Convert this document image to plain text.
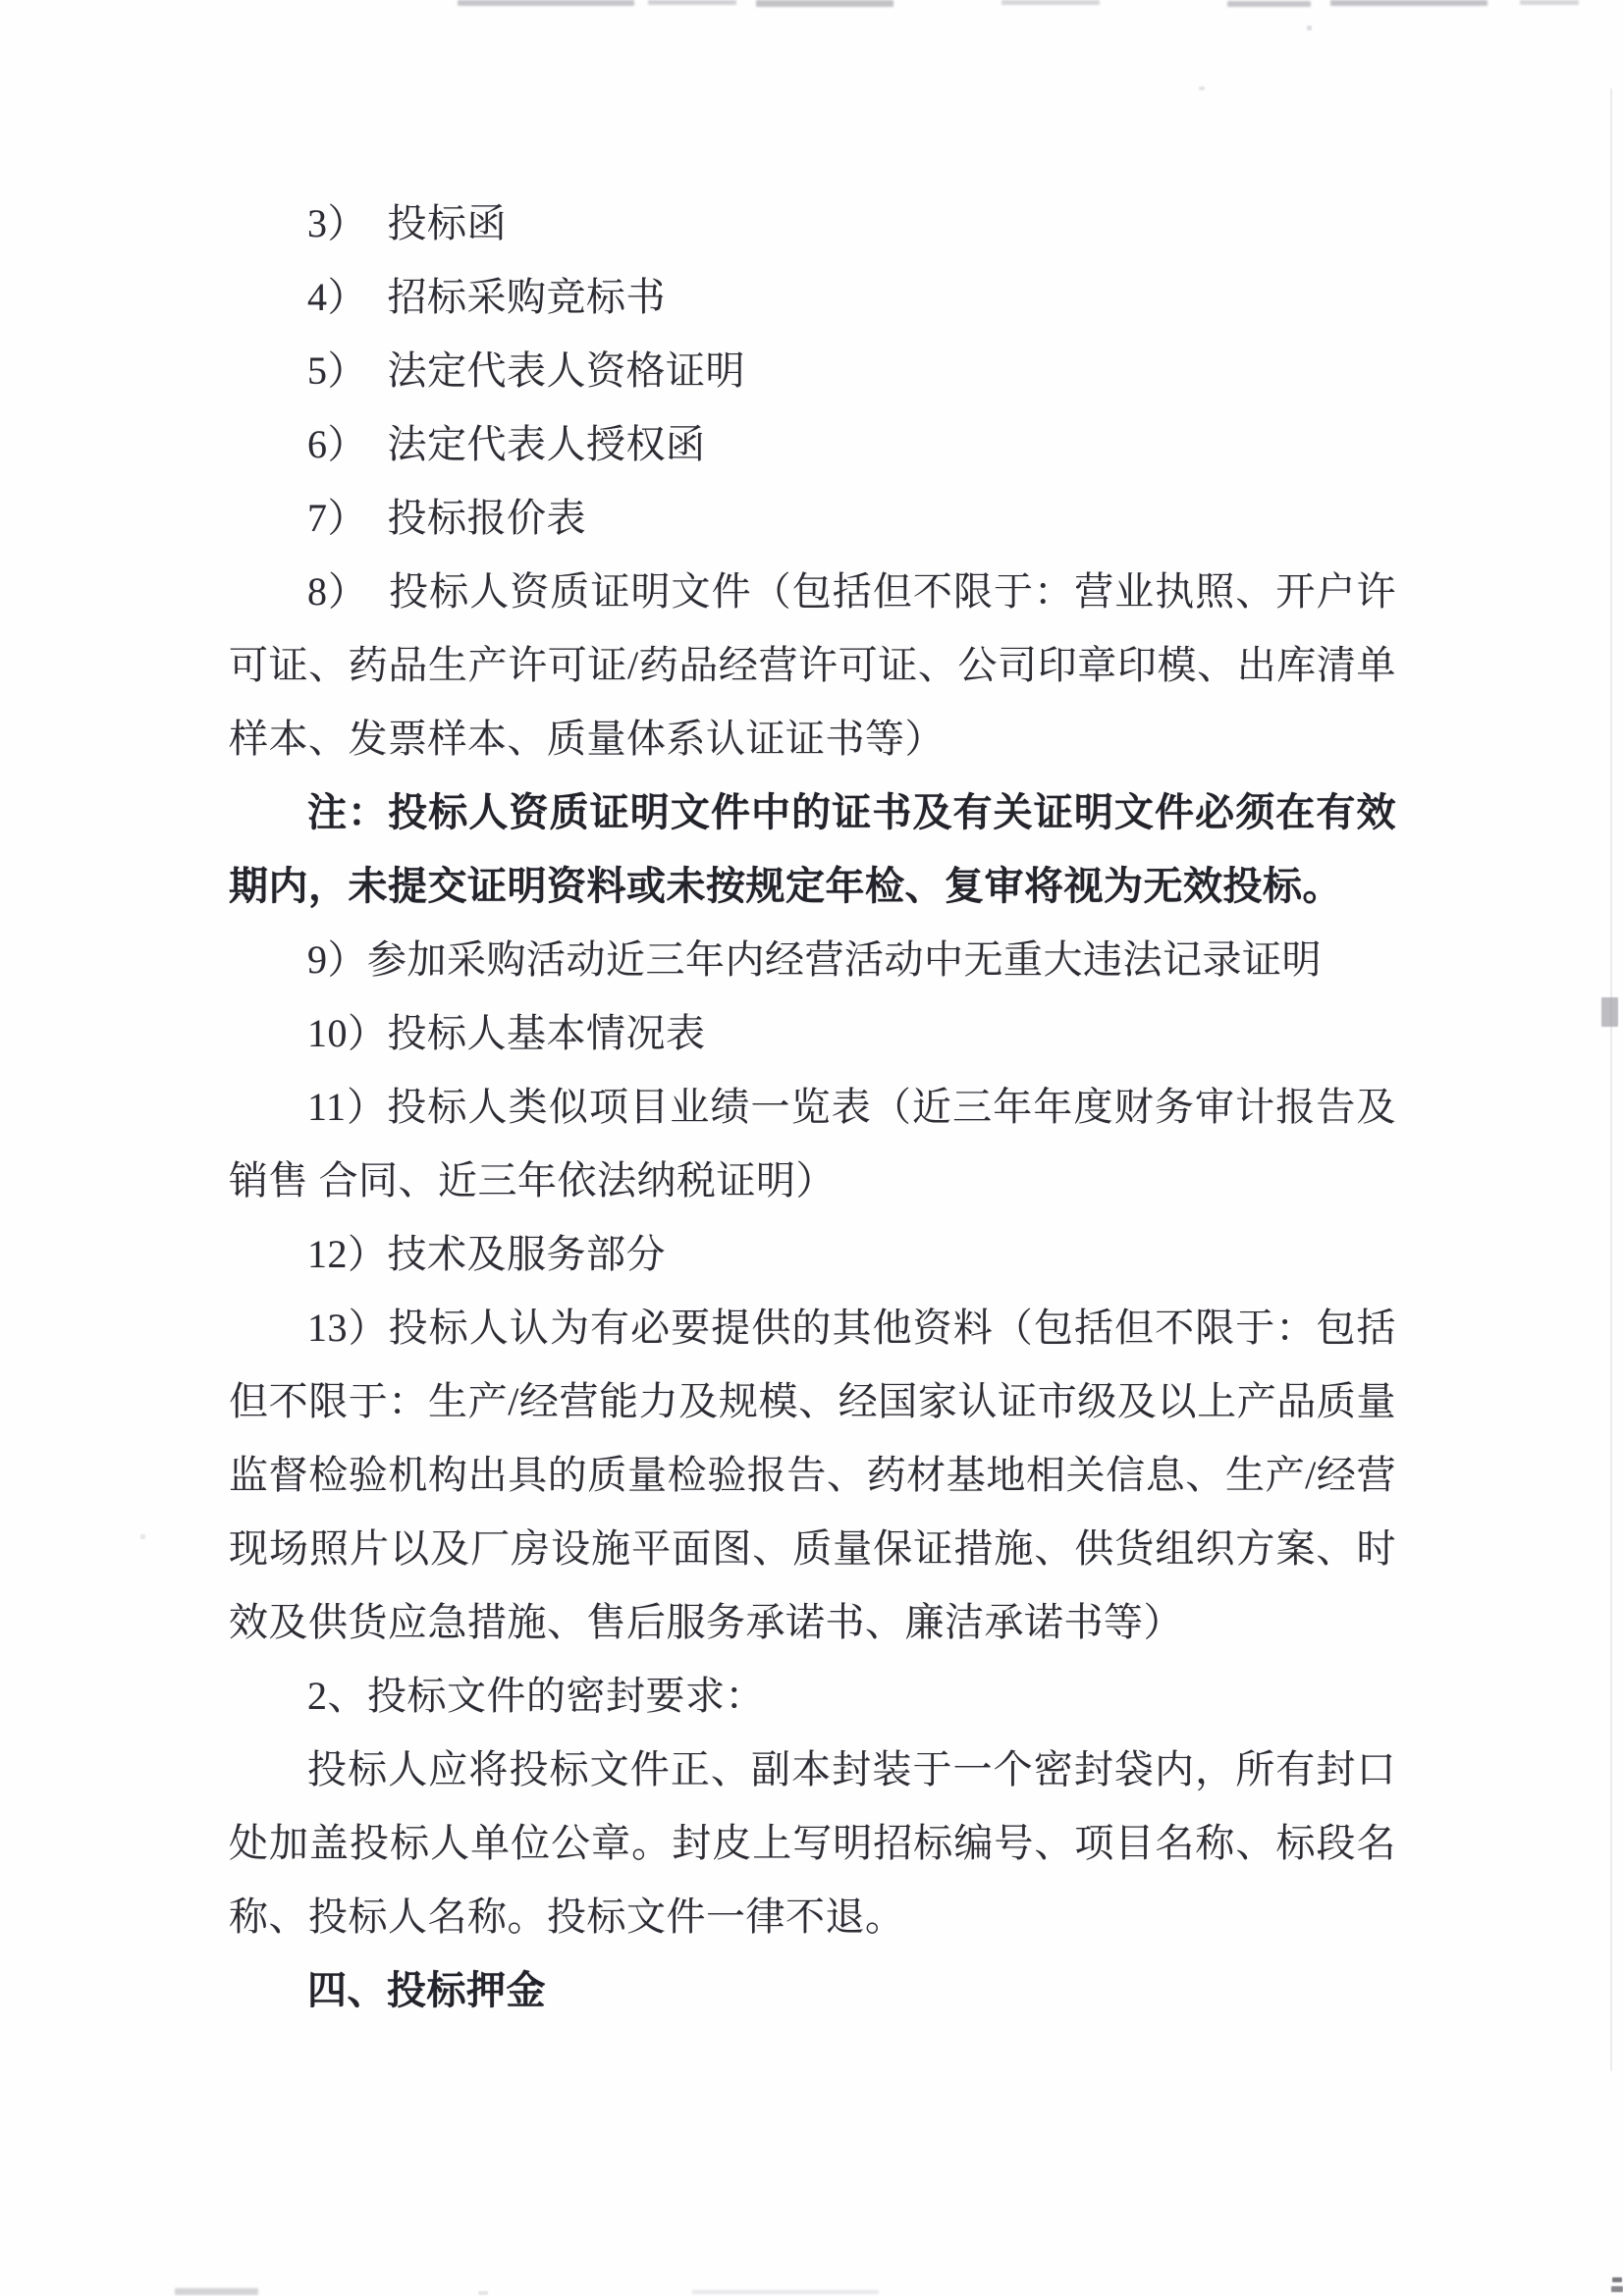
3）　投标函
4）　招标采购竞标书
5）　法定代表人资格证明
6）　法定代表人授权函
7）　投标报价表
8）　投标人资质证明文件（包括但不限于：营业执照、开户许
可证、药品生产许可证/药品经营许可证、公司印章印模、出库清单
样本、发票样本、质量体系认证证书等）
注：投标人资质证明文件中的证书及有关证明文件必须在有效
期内，未提交证明资料或未按规定年检、复审将视为无效投标。
9）参加采购活动近三年内经营活动中无重大违法记录证明
10）投标人基本情况表
11）投标人类似项目业绩一览表（近三年年度财务审计报告及
销售 合同、近三年依法纳税证明）
12）技术及服务部分
13）投标人认为有必要提供的其他资料（包括但不限于：包括
但不限于：生产/经营能力及规模、经国家认证市级及以上产品质量
监督检验机构出具的质量检验报告、药材基地相关信息、生产/经营
现场照片以及厂房设施平面图、质量保证措施、供货组织方案、时
效及供货应急措施、售后服务承诺书、廉洁承诺书等）
2、投标文件的密封要求：
投标人应将投标文件正、副本封装于一个密封袋内，所有封口
处加盖投标人单位公章。封皮上写明招标编号、项目名称、标段名
称、投标人名称。投标文件一律不退。
四、投标押金
